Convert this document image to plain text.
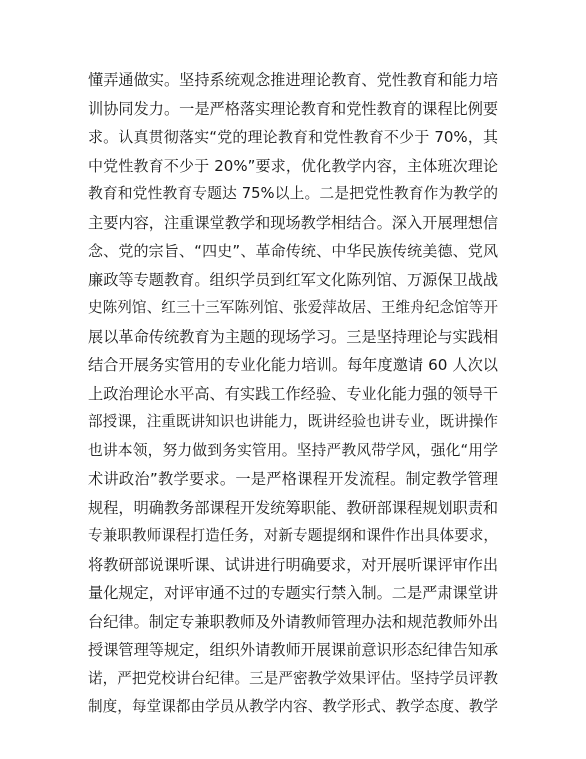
懂弄通做实。坚持系统观念推进理论教育、党性教育和能力培
训协同发力。一是严格落实理论教育和党性教育的课程比例要
求。认真贯彻落实“党的理论教育和党性教育不少于 70%，其
中党性教育不少于 20%”要求，优化教学内容，主体班次理论
教育和党性教育专题达 75%以上。二是把党性教育作为教学的
主要内容，注重课堂教学和现场教学相结合。深入开展理想信
念、党的宗旨、“四史”、革命传统、中华民族传统美德、党风
廉政等专题教育。组织学员到红军文化陈列馆、万源保卫战战
史陈列馆、红三十三军陈列馆、张爱萍故居、王维舟纪念馆等开
展以革命传统教育为主题的现场学习。三是坚持理论与实践相
结合开展务实管用的专业化能力培训。每年度邀请 60 人次以
上政治理论水平高、有实践工作经验、专业化能力强的领导干
部授课，注重既讲知识也讲能力，既讲经验也讲专业，既讲操作
也讲本领，努力做到务实管用。坚持严教风带学风，强化“用学
术讲政治”教学要求。一是严格课程开发流程。制定教学管理
规程，明确教务部课程开发统筹职能、教研部课程规划职责和
专兼职教师课程打造任务，对新专题提纲和课件作出具体要求，
将教研部说课听课、试讲进行明确要求，对开展听课评审作出
量化规定，对评审通不过的专题实行禁入制。二是严肃课堂讲
台纪律。制定专兼职教师及外请教师管理办法和规范教师外出
授课管理等规定，组织外请教师开展课前意识形态纪律告知承
诺，严把党校讲台纪律。三是严密教学效果评估。坚持学员评教
制度，每堂课都由学员从教学内容、教学形式、教学态度、教学
